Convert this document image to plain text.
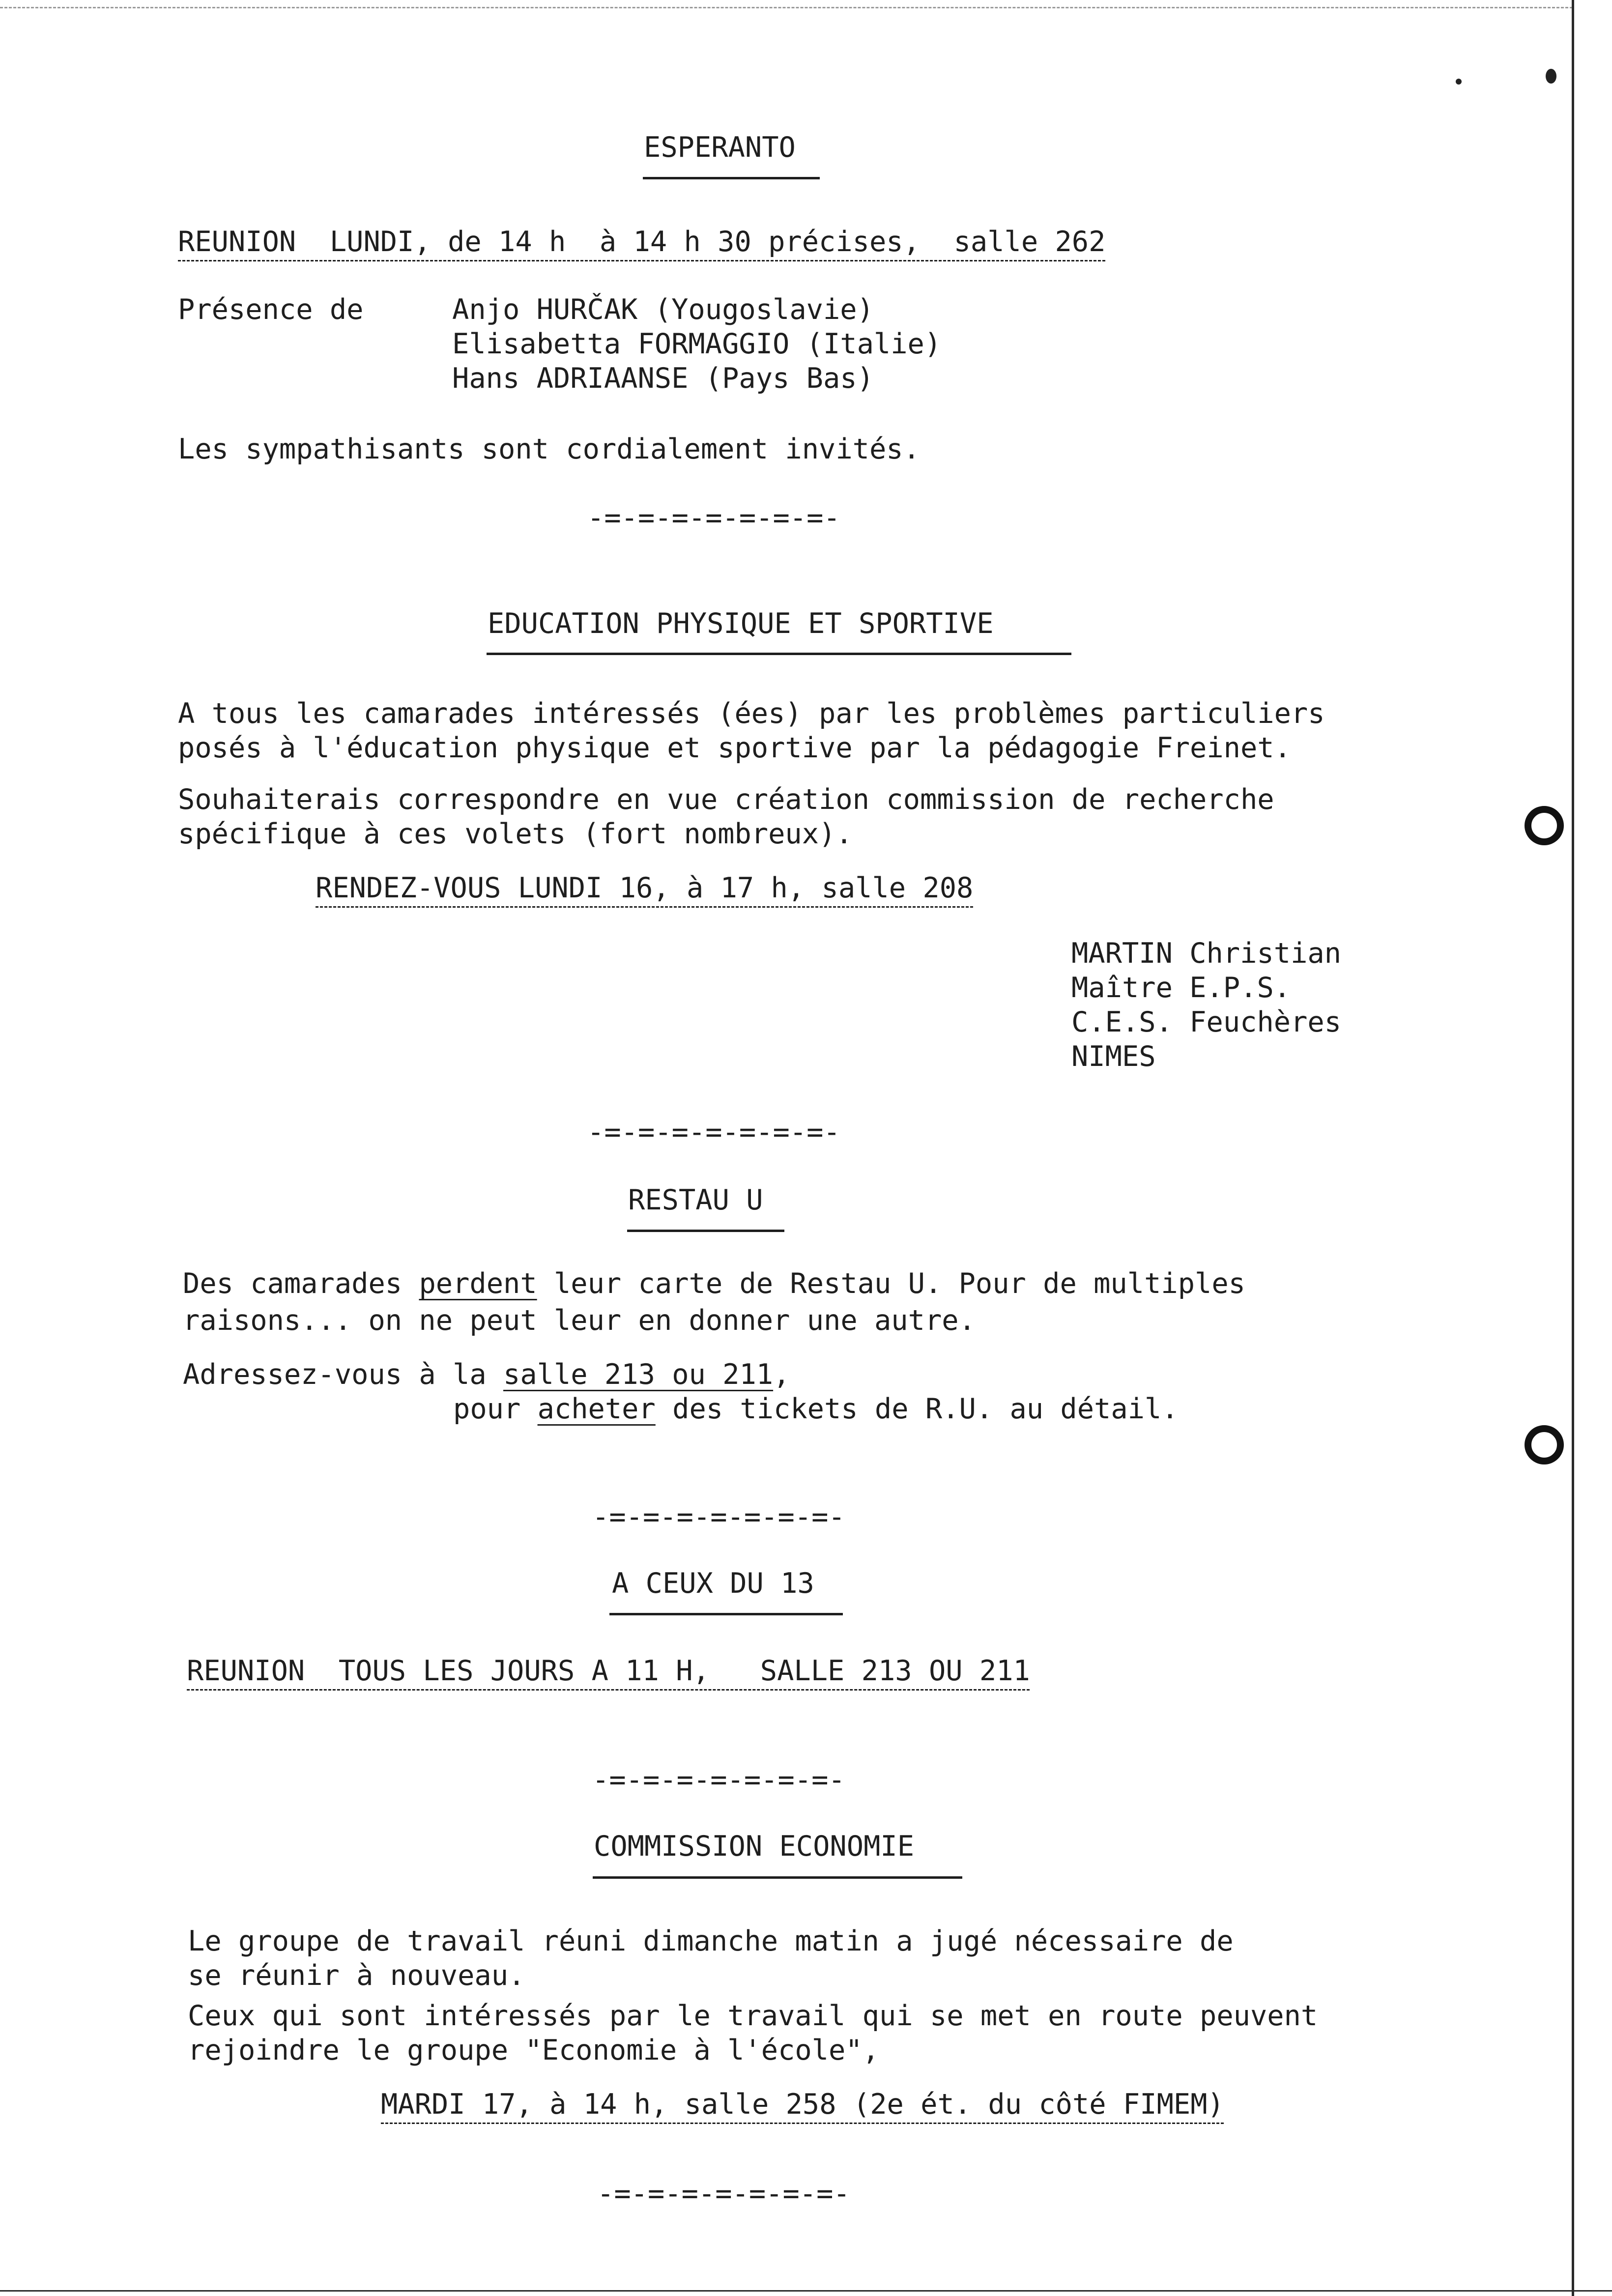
ESPERANTO

REUNION  LUNDI, de 14 h  à 14 h 30 précises,  salle 262

Présence de	Anjo HURČAK (Yougoslavie)

Elisabetta FORMAGGIO (Italie)

Hans ADRIAANSE (Pays Bas)

Les sympathisants sont cordialement invités.

-=-=-=-=-=-=-=-

EDUCATION PHYSIQUE ET SPORTIVE

A tous les camarades intéressés (ées) par les problèmes particuliers

posés à l'éducation physique et sportive par la pédagogie Freinet.

Souhaiterais correspondre en vue création commission de recherche

spécifique à ces volets (fort nombreux).

RENDEZ-VOUS LUNDI 16, à 17 h, salle 208

MARTIN Christian

Maître E.P.S.

C.E.S. Feuchères

NIMES

-=-=-=-=-=-=-=-

RESTAU U

Des camarades perdent leur carte de Restau U. Pour de multiples

raisons... on ne peut leur en donner une autre.

Adressez-vous à la salle 213 ou 211,

pour acheter des tickets de R.U. au détail.

-=-=-=-=-=-=-=-

A CEUX DU 13

REUNION  TOUS LES JOURS A 11 H,   SALLE 213 OU 211

-=-=-=-=-=-=-=-

COMMISSION ECONOMIE

Le groupe de travail réuni dimanche matin a jugé nécessaire de

se réunir à nouveau.

Ceux qui sont intéressés par le travail qui se met en route peuvent

rejoindre le groupe "Economie à l'école",

MARDI 17, à 14 h, salle 258 (2e ét. du côté FIMEM)

-=-=-=-=-=-=-=-
